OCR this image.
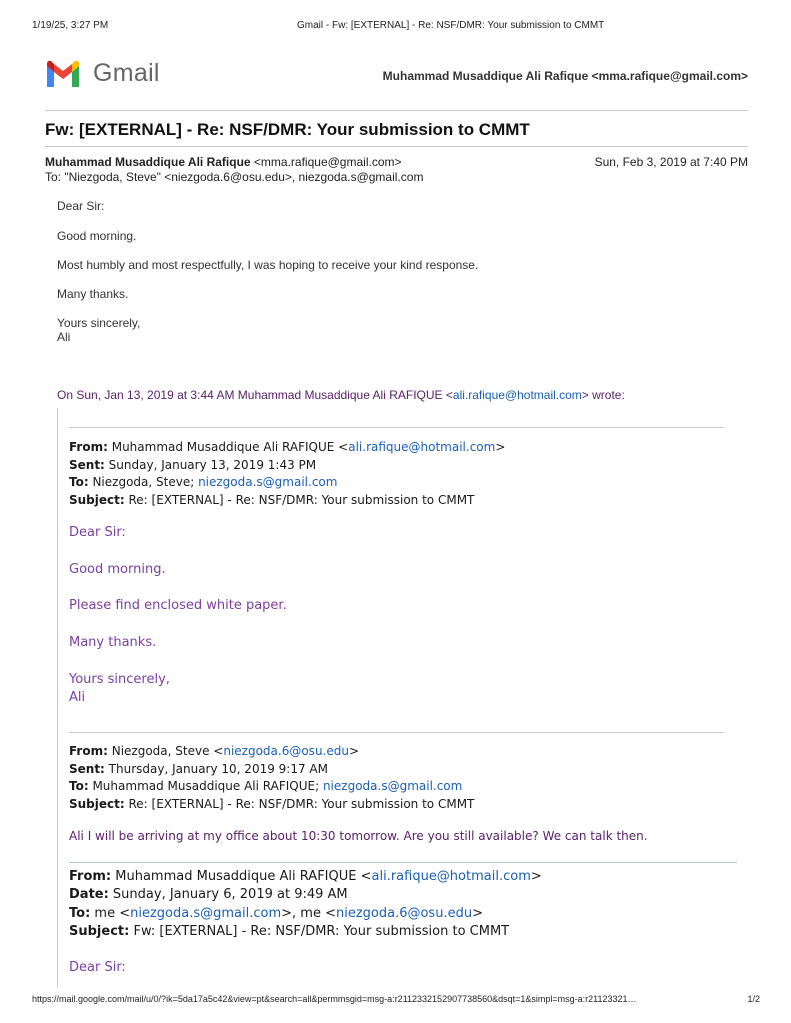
1/19/25, 3:27 PM	Gmail - Fw: [EXTERNAL] - Re: NSF/DMR: Your submission to CMMT
Gmail	Muhammad Musaddique Ali Rafique <mma.rafique@gmail.com>
Fw: [EXTERNAL] - Re: NSF/DMR: Your submission to CMMT
Muhammad Musaddique Ali Rafique <mma.rafique@gmail.com>	Sun, Feb 3, 2019 at 7:40 PM
To: "Niezgoda, Steve" <niezgoda.6@osu.edu>, niezgoda.s@gmail.com
Dear Sir:
Good morning.
Most humbly and most respectfully, I was hoping to receive your kind response.
Many thanks.
Yours sincerely,
Ali
On Sun, Jan 13, 2019 at 3:44 AM Muhammad Musaddique Ali RAFIQUE <ali.rafique@hotmail.com> wrote:
From: Muhammad Musaddique Ali RAFIQUE <ali.rafique@hotmail.com>
Sent: Sunday, January 13, 2019 1:43 PM
To: Niezgoda, Steve; niezgoda.s@gmail.com
Subject: Re: [EXTERNAL] - Re: NSF/DMR: Your submission to CMMT
Dear Sir:
Good morning.
Please find enclosed white paper.
Many thanks.
Yours sincerely,
Ali
From: Niezgoda, Steve <niezgoda.6@osu.edu>
Sent: Thursday, January 10, 2019 9:17 AM
To: Muhammad Musaddique Ali RAFIQUE; niezgoda.s@gmail.com
Subject: Re: [EXTERNAL] - Re: NSF/DMR: Your submission to CMMT
Ali I will be arriving at my office about 10:30 tomorrow. Are you still available? We can talk then.
From: Muhammad Musaddique Ali RAFIQUE <ali.rafique@hotmail.com>
Date: Sunday, January 6, 2019 at 9:49 AM
To: me <niezgoda.s@gmail.com>, me <niezgoda.6@osu.edu>
Subject: Fw: [EXTERNAL] - Re: NSF/DMR: Your submission to CMMT
Dear Sir:
https://mail.google.com/mail/u/0/?ik=5da17a5c42&view=pt&search=all&permmsgid=msg-a:r2112332152907738560&dsqt=1&simpl=msg-a:r21123321…	1/2
